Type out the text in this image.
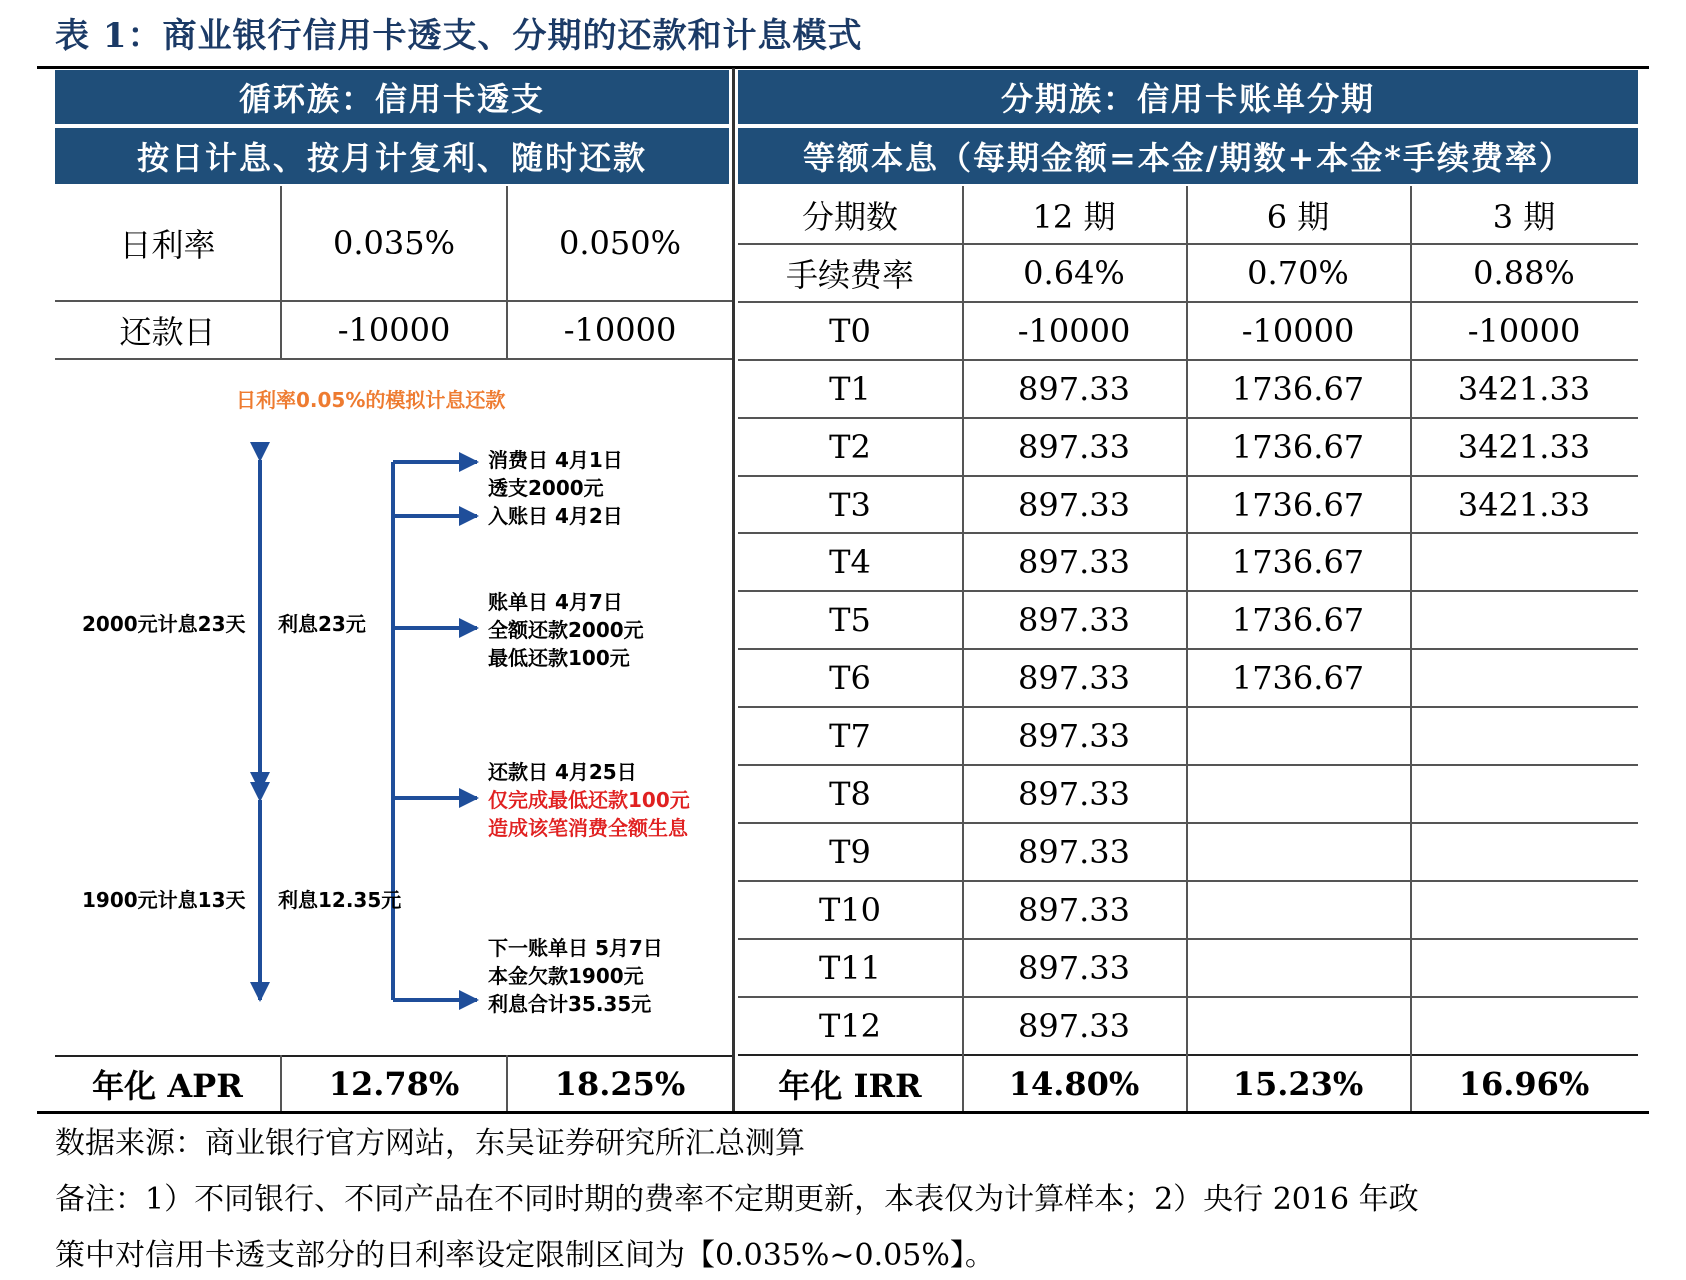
表 1：商业银行信用卡透支、分期的还款和计息模式
循环族：信用卡透支
按日计息、按月计复利、随时还款
分期族：信用卡账单分期
等额本息（每期金额=本金/期数+本金*手续费率）
日利率	0.035%	0.050%
还款日	-10000	-10000
年化 APR	12.78%	18.25%
日利率0.05%的模拟计息还款
2000元计息23天 利息23元
1900元计息13天 利息12.35元
消费日 4月1日
透支2000元
入账日 4月2日
账单日 4月7日
全额还款2000元
最低还款100元
还款日 4月25日
仅完成最低还款100元
造成该笔消费全额生息
下一账单日 5月7日
本金欠款1900元
利息合计35.35元
分期数	12 期	6 期	3 期
手续费率	0.64%	0.70%	0.88%
T0	-10000	-10000	-10000
T1	897.33	1736.67	3421.33
T2	897.33	1736.67	3421.33
T3	897.33	1736.67	3421.33
T4	897.33	1736.67
T5	897.33	1736.67
T6	897.33	1736.67
T7	897.33
T8	897.33
T9	897.33
T10	897.33
T11	897.33
T12	897.33
年化 IRR	14.80%	15.23%	16.96%
数据来源：商业银行官方网站，东吴证券研究所汇总测算
备注：1）不同银行、不同产品在不同时期的费率不定期更新，本表仅为计算样本；2）央行 2016 年政
策中对信用卡透支部分的日利率设定限制区间为【0.035%~0.05%】。
